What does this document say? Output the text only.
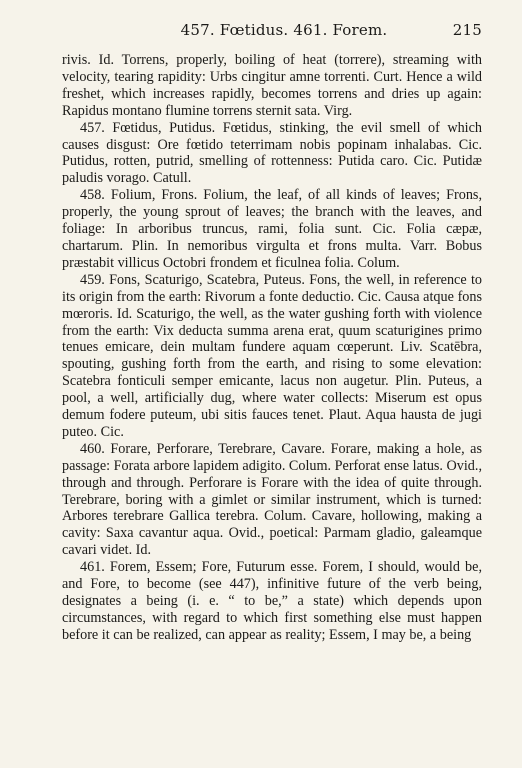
457. Fœtidus. 461. Forem.	215

rivis. Id. Torrens, properly, boiling of heat (torrere), streaming with velocity, tearing rapidity: Urbs cingitur amne torrenti. Curt. Hence a wild freshet, which increases rapidly, becomes torrens and dries up again: Rapidus montano flumine torrens sternit sata. Virg.

457. Fœtidus, Putidus. Fœtidus, stinking, the evil smell of which causes disgust: Ore fœtido teterrimam nobis popinam inhalabas. Cic. Putidus, rotten, putrid, smelling of rottenness: Putida caro. Cic. Putidæ paludis vorago. Catull.

458. Folium, Frons. Folium, the leaf, of all kinds of leaves; Frons, properly, the young sprout of leaves; the branch with the leaves, and foliage: In arboribus truncus, rami, folia sunt. Cic. Folia cæpæ, chartarum. Plin. In nemoribus virgulta et frons multa. Varr. Bobus præstabit villicus Octobri frondem et ficulnea folia. Colum.

459. Fons, Scaturigo, Scatebra, Puteus. Fons, the well, in reference to its origin from the earth: Rivorum a fonte deductio. Cic. Causa atque fons mœroris. Id. Scaturigo, the well, as the water gushing forth with violence from the earth: Vix deducta summa arena erat, quum scaturigines primo tenues emicare, dein multam fundere aquam cœperunt. Liv. Scatēbra, spouting, gushing forth from the earth, and rising to some elevation: Scatebra fonticuli semper emicante, lacus non augetur. Plin. Puteus, a pool, a well, artificially dug, where water collects: Miserum est opus demum fodere puteum, ubi sitis fauces tenet. Plaut. Aqua hausta de jugi puteo. Cic.

460. Forare, Perforare, Terebrare, Cavare. Forare, making a hole, as passage: Forata arbore lapidem adigito. Colum. Perforat ense latus. Ovid., through and through. Perforare is Forare with the idea of quite through. Terebrare, boring with a gimlet or similar instrument, which is turned: Arbores terebrare Gallica terebra. Colum. Cavare, hollowing, making a cavity: Saxa cavantur aqua. Ovid., poetical: Parmam gladio, galeamque cavari videt. Id.

461. Forem, Essem; Fore, Futurum esse. Forem, I should, would be, and Fore, to become (see 447), infinitive future of the verb being, designates a being (i. e. “ to be,” a state) which depends upon circumstances, with regard to which first something else must happen before it can be realized, can appear as reality; Essem, I may be, a being
